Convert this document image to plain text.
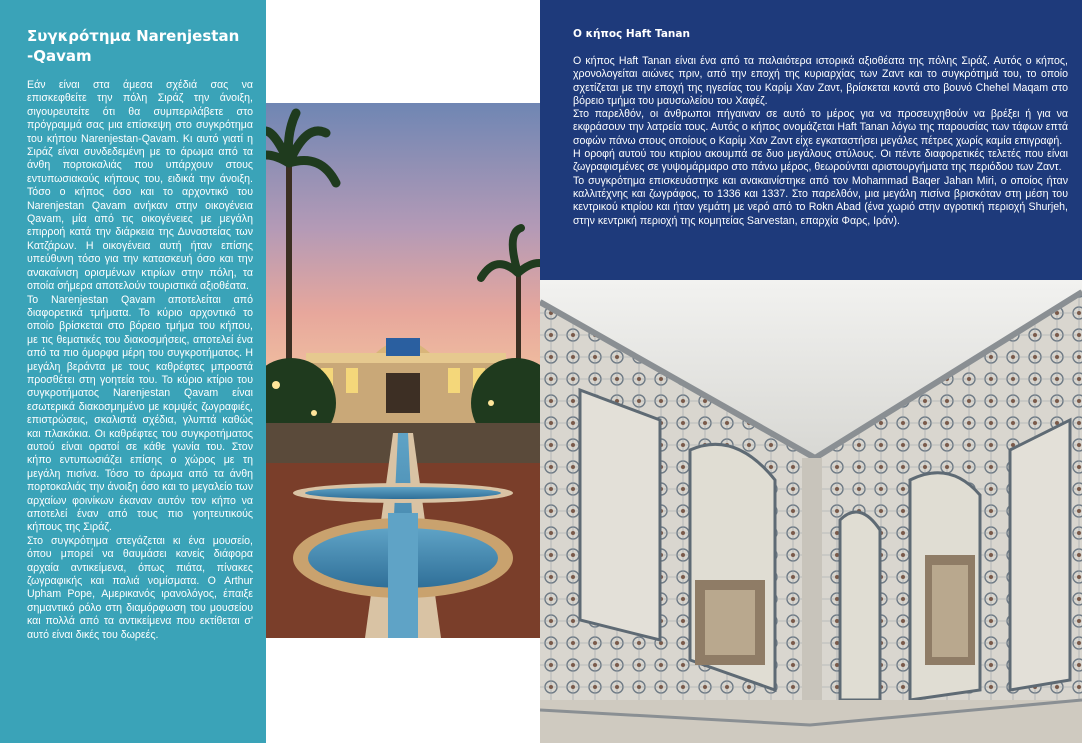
Συγκρότημα Narenjestan
-Qavam

Εάν είναι στα άμεσα σχέδιά σας να επισκεφθείτε την πόλη Σιράζ την άνοιξη, σιγουρευτείτε ότι θα συμπεριλάβετε στο πρόγραμμά σας μια επίσκεψη στο συγκρότημα του κήπου Narenjestan-Qavam. Κι αυτό γιατί η Σιράζ είναι συνδεδεμένη με το άρωμα από τα άνθη πορτοκαλιάς που υπάρχουν στους εντυπωσιακούς κήπους του, ειδικά την άνοιξη. Τόσο ο κήπος όσο και το αρχοντικό του Narenjestan Qavam ανήκαν στην οικογένεια Qavam, μία από τις οικογένειες με μεγάλη επιρροή κατά την διάρκεια της Δυναστείας των Κατζάρων. Η οικογένεια αυτή ήταν επίσης υπεύθυνη τόσο για την κατασκευή όσο και την ανακαίνιση ορισμένων κτιρίων στην πόλη, τα οποία σήμερα αποτελούν τουριστικά αξιοθέατα.

Το Narenjestan Qavam αποτελείται από διαφορετικά τμήματα. Το κύριο αρχοντικό το οποίο βρίσκεται στο βόρειο τμήμα του κήπου, με τις θεματικές του διακοσμήσεις, αποτελεί ένα από τα πιο όμορφα μέρη του συγκροτήματος. Η μεγάλη βεράντα με τους καθρέφτες μπροστά προσθέτει στη γοητεία του. Το κύριο κτίριο του συγκροτήματος Narenjestan Qavam είναι εσωτερικά διακοσμημένο με κομψές ζωγραφιές, επιστρώσεις, σκαλιστά σχέδια, γλυπτά καθώς και πλακάκια. Οι καθρέφτες του συγκροτήματος αυτού είναι ορατοί σε κάθε γωνία του. Στον κήπο εντυπωσιάζει επίσης ο χώρος με τη μεγάλη πισίνα. Τόσο το άρωμα από τα άνθη πορτοκαλιάς την άνοιξη όσο και το μεγαλείο των αρχαίων φοινίκων έκαναν αυτόν τον κήπο να αποτελεί έναν από τους πιο γοητευτικούς κήπους της Σιράζ.

Στο συγκρότημα στεγάζεται κι ένα μουσείο, όπου μπορεί να θαυμάσει κανείς διάφορα αρχαία αντικείμενα, όπως πιάτα, πίνακες ζωγραφικής και παλιά νομίσματα. Ο Arthur Upham Pope, Αμερικανός ιρανολόγος, έπαιξε σημαντικό ρόλο στη διαμόρφωση του μουσείου και πολλά από τα αντικείμενα που εκτίθεται σ' αυτό είναι δικές του δωρεές.

Ο κήπος Haft Tanan

Ο κήπος Haft Tanan είναι ένα από τα παλαιότερα ιστορικά αξιοθέατα της πόλης Σιράζ. Αυτός ο κήπος, χρονολογείται αιώνες πριν, από την εποχή της κυριαρχίας των Ζαντ και το συγκρότημά του, το οποίο σχετίζεται με την εποχή της ηγεσίας του Καρίμ Χαν Ζαντ, βρίσκεται κοντά στο βουνό Chehel Maqam στο βόρειο τμήμα του μαυσωλείου του Χαφέζ.

Στο παρελθόν, οι άνθρωποι πήγαιναν σε αυτό το μέρος για να προσευχηθούν να βρέξει ή για να εκφράσουν την λατρεία τους. Αυτός ο κήπος ονομάζεται Haft Tanan λόγω της παρουσίας των τάφων επτά σοφών πάνω στους οποίους ο Καρίμ Χαν Ζαντ είχε εγκαταστήσει μεγάλες πέτρες χωρίς καμία επιγραφή.

Η οροφή αυτού του κτιρίου ακουμπά σε δυο μεγάλους στύλους. Οι πέντε διαφορετικές τελετές που είναι ζωγραφισμένες σε γυψομάρμαρο στο πάνω μέρος, θεωρούνται αριστουργήματα της περιόδου των Ζαντ.

Το συγκρότημα επισκευάστηκε και ανακαινίστηκε από τον Mohammad Baqer Jahan Miri, ο οποίος ήταν καλλιτέχνης και ζωγράφος, το 1336 και 1337. Στο παρελθόν, μια μεγάλη πισίνα βρισκόταν στη μέση του κεντρικού κτιρίου και ήταν γεμάτη με νερό από το Rokn Abad (ένα χωριό στην αγροτική περιοχή Shurjeh, στην κεντρική περιοχή της κομητείας Sarvestan, επαρχία Φαρς, Ιράν).
